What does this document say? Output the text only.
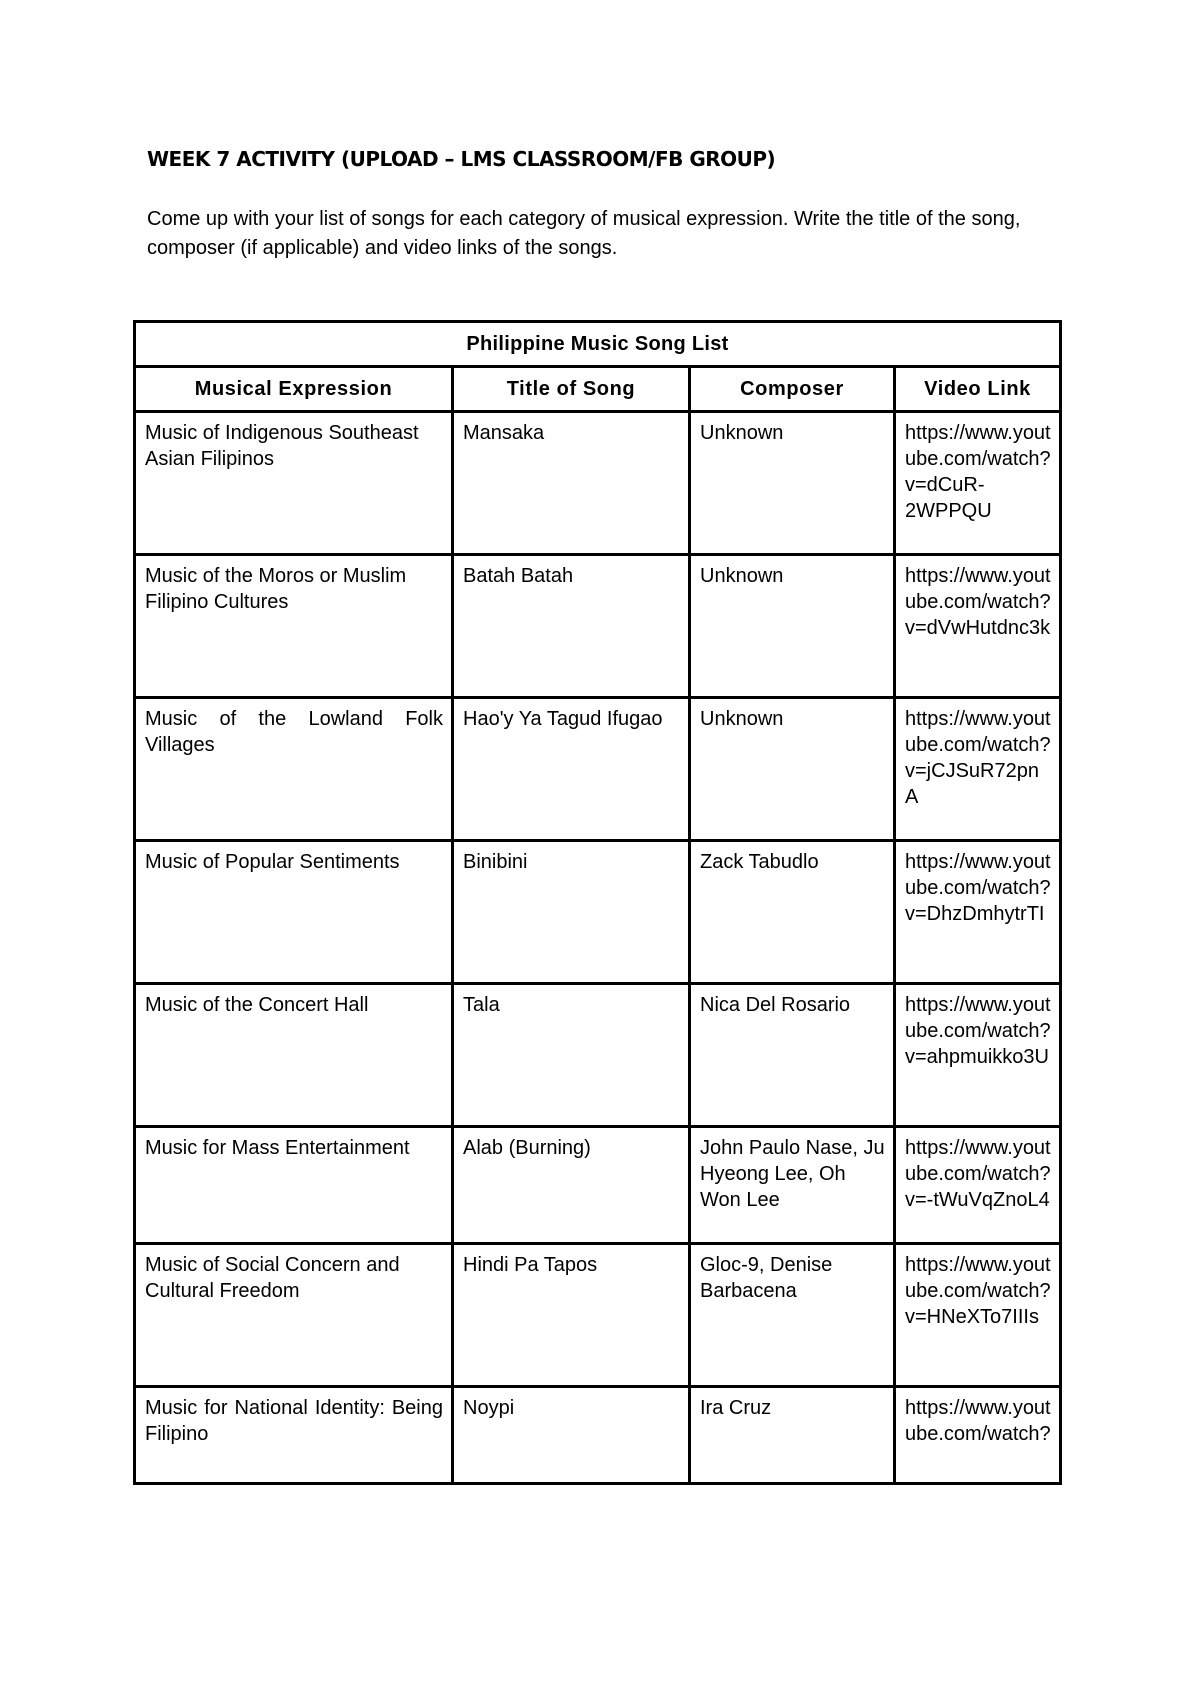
WEEK 7 ACTIVITY (UPLOAD – LMS CLASSROOM/FB GROUP)
Come up with your list of songs for each category of musical expression. Write the title of the song, composer (if applicable) and video links of the songs.
Philippine Music Song List			
Musical Expression	Title of Song	Composer	Video Link
Music of Indigenous Southeast Asian Filipinos	Mansaka	Unknown	https://www.youtube.com/watch?v=dCuR-2WPPQU
Music of the Moros or Muslim Filipino Cultures	Batah Batah	Unknown	https://www.youtube.com/watch?v=dVwHutdnc3k
Music of the Lowland Folk Villages	Hao'y Ya Tagud Ifugao	Unknown	https://www.youtube.com/watch?v=jCJSuR72pnA
Music of Popular Sentiments	Binibini	Zack Tabudlo	https://www.youtube.com/watch?v=DhzDmhytrTI
Music of the Concert Hall	Tala	Nica Del Rosario	https://www.youtube.com/watch?v=ahpmuikko3U
Music for Mass Entertainment	Alab (Burning)	John Paulo Nase, Ju Hyeong Lee, Oh Won Lee	https://www.youtube.com/watch?v=-tWuVqZnoL4
Music of Social Concern and Cultural Freedom	Hindi Pa Tapos	Gloc-9, Denise Barbacena	https://www.youtube.com/watch?v=HNeXTo7IIIs
Music for National Identity: Being Filipino	Noypi	Ira Cruz	https://www.youtube.com/watch?
